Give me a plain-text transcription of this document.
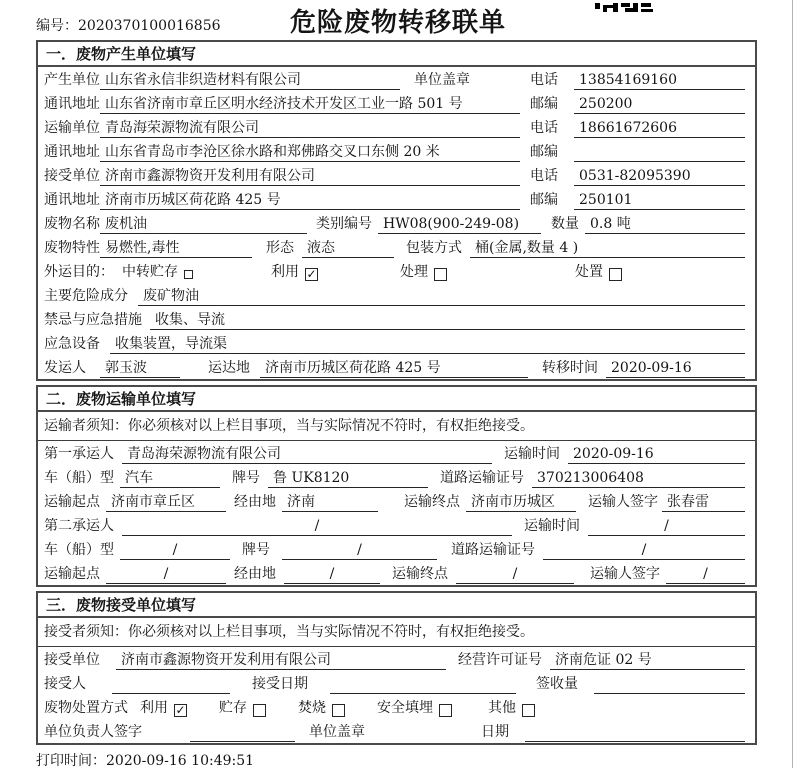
编号：2020370100016856	危险废物转移联单
一．废物产生单位填写
产生单位 山东省永信非织造材料有限公司	单位盖章	电话	13854169160
通讯地址 山东省济南市章丘区明水经济技术开发区工业一路 501 号	邮编	250200
运输单位 青岛海荣源物流有限公司	电话	18661672606
通讯地址 山东省青岛市李沧区徐水路和郑佛路交叉口东侧 20 米	邮编
接受单位 济南市鑫源物资开发利用有限公司	电话	0531-82095390
通讯地址 济南市历城区荷花路 425 号	邮编	250101
废物名称 废机油	类别编号 HW08(900-249-08)	数量 0.8 吨
废物特性 易燃性,毒性	形态 液态	包装方式 桶(金属,数量 4 )
外运目的： 中转贮存	利用 ✓	处理	处置
主要危险成分	废矿物油
禁忌与应急措施 收集、导流
应急设备	收集装置，导流渠
发运人	郭玉波	运达地	济南市历城区荷花路 425 号	转移时间 2020-09-16
二．废物运输单位填写
运输者须知： 你必须核对以上栏目事项，当与实际情况不符时，有权拒绝接受。
第一承运人 青岛海荣源物流有限公司	运输时间 2020-09-16
车（船）型 汽车	牌号 鲁 UK8120	道路运输证号 370213006408
运输起点 济南市章丘区	经由地 济南	运输终点 济南市历城区	运输人签字 张春雷
第二承运人	/	运输时间	/
车（船）型	/	牌号	/	道路运输证号	/
运输起点	/	经由地	/	运输终点	/	运输人签字	/
三．废物接受单位填写
接受者须知： 你必须核对以上栏目事项，当与实际情况不符时，有权拒绝接受。
接受单位	济南市鑫源物资开发利用有限公司	经营许可证号 济南危证 02 号
接受人	接受日期	签收量
废物处置方式 利用 ✓ 贮存	焚烧	安全填埋	其他
单位负责人签字	单位盖章	日期
打印时间：2020-09-16 10:49:51
